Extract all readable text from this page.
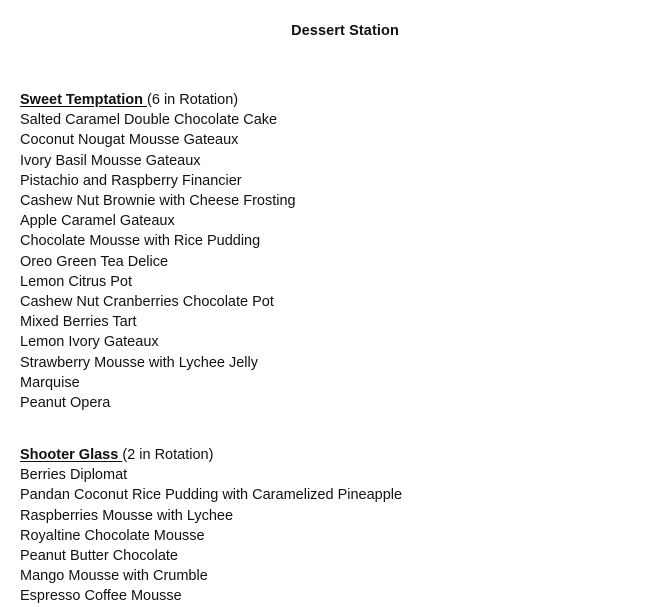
Dessert Station
Sweet Temptation (6 in Rotation)
Salted Caramel Double Chocolate Cake
Coconut Nougat Mousse Gateaux
Ivory Basil Mousse Gateaux
Pistachio and Raspberry Financier
Cashew Nut Brownie with Cheese Frosting
Apple Caramel Gateaux
Chocolate Mousse with Rice Pudding
Oreo Green Tea Delice
Lemon Citrus Pot
Cashew Nut Cranberries Chocolate Pot
Mixed Berries Tart
Lemon Ivory Gateaux
Strawberry Mousse with Lychee Jelly
Marquise
Peanut Opera
Shooter Glass (2 in Rotation)
Berries Diplomat
Pandan Coconut Rice Pudding with Caramelized Pineapple
Raspberries Mousse with Lychee
Royaltine Chocolate Mousse
Peanut Butter Chocolate
Mango Mousse with Crumble
Espresso Coffee Mousse
